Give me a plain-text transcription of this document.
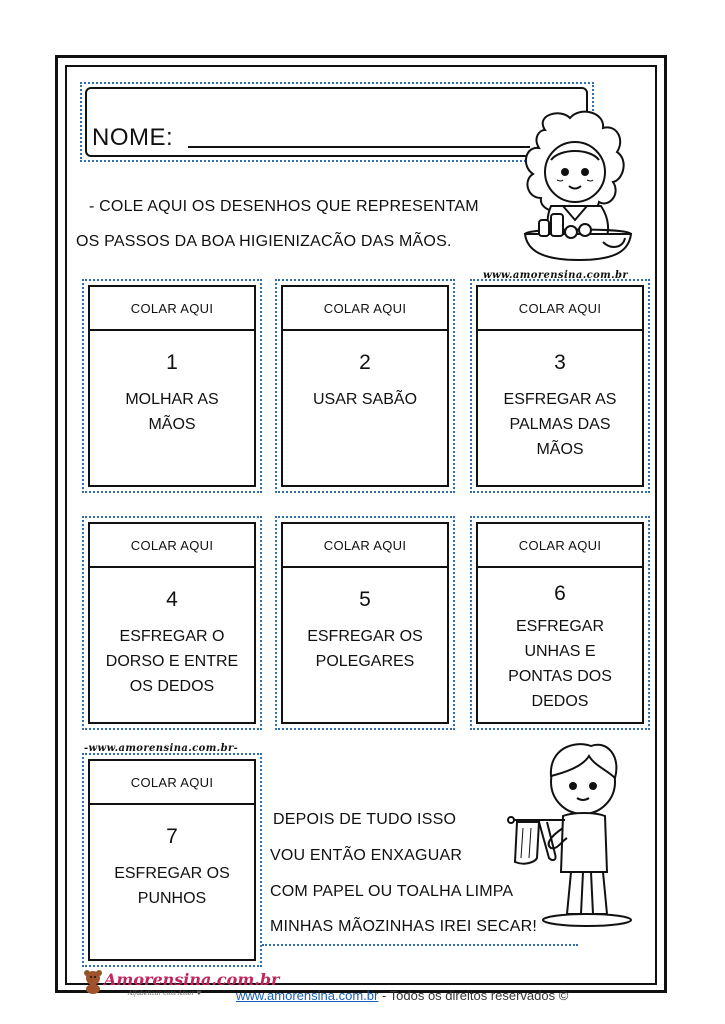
NOME:
- COLE AQUI OS DESENHOS QUE REPRESENTAM
OS PASSOS DA BOA HIGIENIZACÃO DAS MÃOS.
www.amorensina.com.br
COLAR AQUI
1
MOLHAR AS
MÃOS
COLAR AQUI
2
USAR SABÃO
COLAR AQUI
3
ESFREGAR AS
PALMAS DAS
MÃOS
COLAR AQUI
4
ESFREGAR O
DORSO E ENTRE
OS DEDOS
COLAR AQUI
5
ESFREGAR OS
POLEGARES
COLAR AQUI
6
ESFREGAR
UNHAS E
PONTAS DOS
DEDOS
-www.amorensina.com.br-
COLAR AQUI
7
ESFREGAR OS
PUNHOS
DEPOIS DE TUDO ISSO
VOU ENTÃO ENXAGUAR
COM PAPEL OU TOALHA LIMPA
MINHAS MÃOZINHAS IREI SECAR!
Amorensina.com.br
Alfabetizar com Amor ♥	www.amorensina.com.br - Todos os direitos reservados ©
